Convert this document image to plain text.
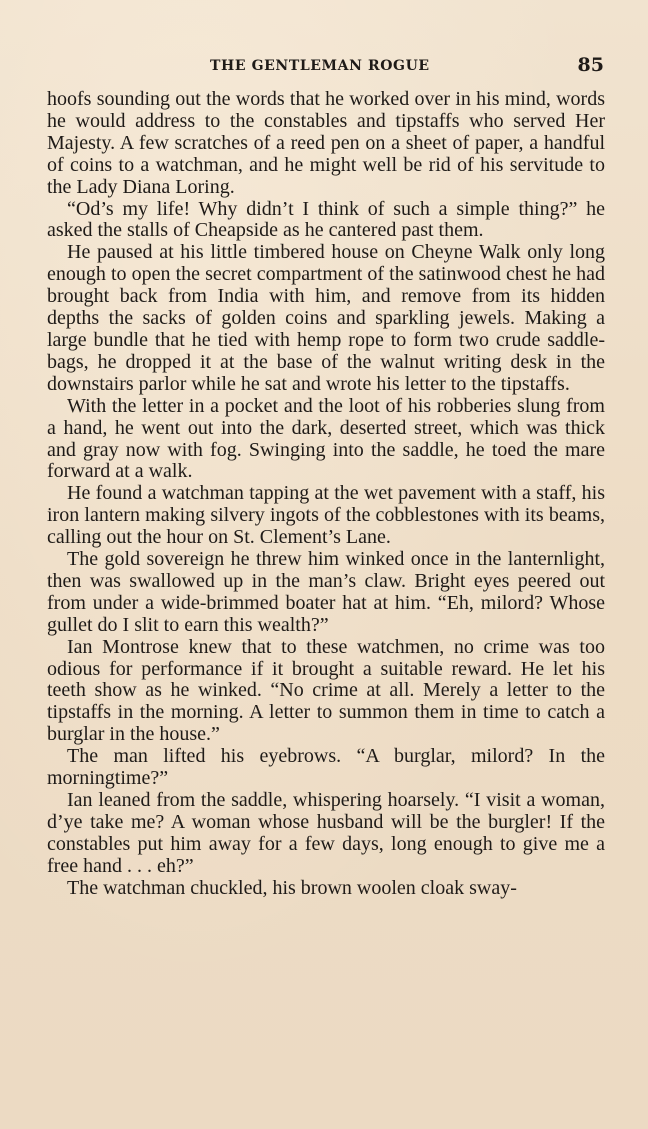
THE GENTLEMAN ROGUE	85

hoofs sounding out the words that he worked over in his mind, words he would address to the constables and tipstaffs who served Her Majesty. A few scratches of a reed pen on a sheet of paper, a handful of coins to a watchman, and he might well be rid of his servitude to the Lady Diana Loring.

“Od’s my life! Why didn’t I think of such a simple thing?” he asked the stalls of Cheapside as he cantered past them.

He paused at his little timbered house on Cheyne Walk only long enough to open the secret compartment of the satinwood chest he had brought back from India with him, and remove from its hidden depths the sacks of golden coins and sparkling jewels. Making a large bundle that he tied with hemp rope to form two crude saddle-bags, he dropped it at the base of the walnut writing desk in the downstairs parlor while he sat and wrote his letter to the tipstaffs.

With the letter in a pocket and the loot of his robberies slung from a hand, he went out into the dark, deserted street, which was thick and gray now with fog. Swinging into the saddle, he toed the mare forward at a walk.

He found a watchman tapping at the wet pavement with a staff, his iron lantern making silvery ingots of the cobblestones with its beams, calling out the hour on St. Clement’s Lane.

The gold sovereign he threw him winked once in the lanternlight, then was swallowed up in the man’s claw. Bright eyes peered out from under a wide-brimmed boater hat at him. “Eh, milord? Whose gullet do I slit to earn this wealth?”

Ian Montrose knew that to these watchmen, no crime was too odious for performance if it brought a suitable reward. He let his teeth show as he winked. “No crime at all. Merely a letter to the tipstaffs in the morning. A letter to summon them in time to catch a burglar in the house.”

The man lifted his eyebrows. “A burglar, milord? In the morningtime?”

Ian leaned from the saddle, whispering hoarsely. “I visit a woman, d’ye take me? A woman whose husband will be the burgler! If the constables put him away for a few days, long enough to give me a free hand . . . eh?”

The watchman chuckled, his brown woolen cloak sway-
